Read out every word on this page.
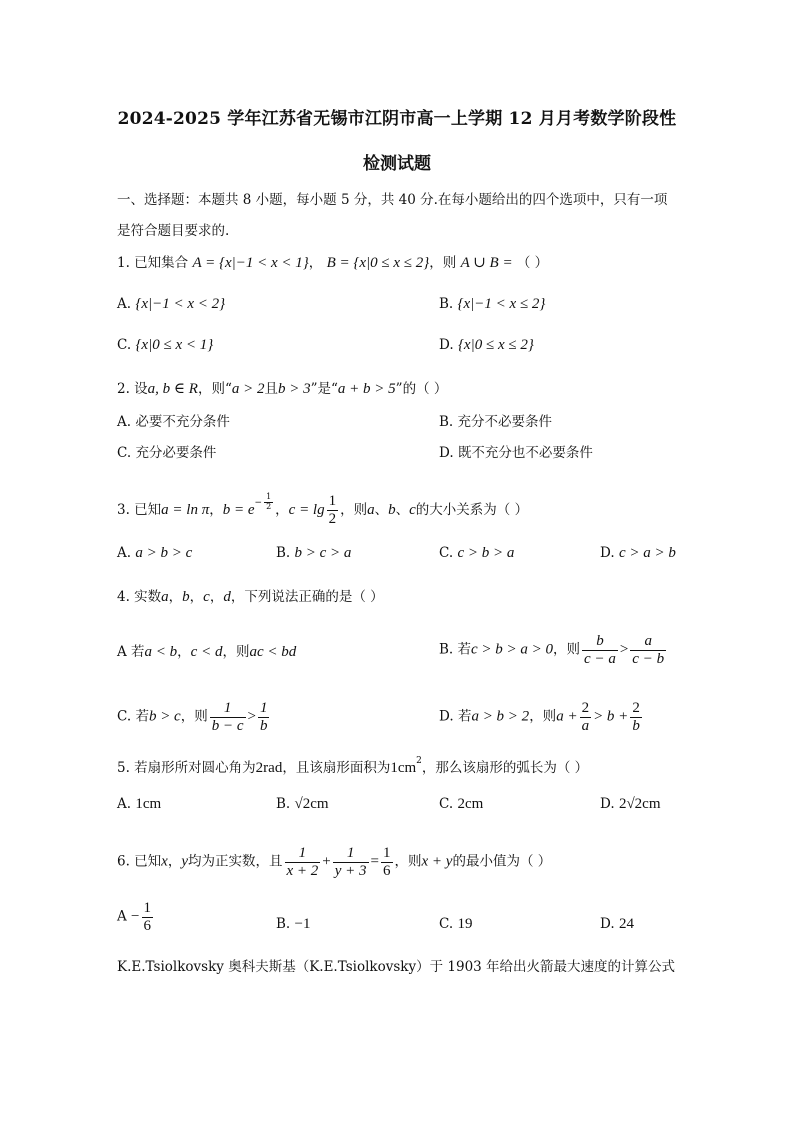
2024-2025 学年江苏省无锡市江阴市高一上学期 12 月月考数学阶段性
检测试题
一、选择题：本题共 8 小题，每小题 5 分，共 40 分.在每小题给出的四个选项中，只有一项
是符合题目要求的.
1. 已知集合 A = {x|−1 < x < 1}， B = {x|0 ≤ x ≤ 2}，则 A ∪ B = （ ）
A. {x|−1 < x < 2}	B. {x|−1 < x ≤ 2}
C. {x|0 ≤ x < 1}	D. {x|0 ≤ x ≤ 2}
2. 设a, b ∈ R，则“a > 2且b > 3”是“a + b > 5”的（ ）
A. 必要不充分条件	B. 充分不必要条件
C. 充分必要条件	D. 既不充分也不必要条件
3. 已知a = ln π，$b = e^{- \frac{1}{2}}$ ，$c = \lg \frac{1}{2}$ ，则a、b、c的大小关系为（ ）
A. a > b > c	B. b > c > a	C. c > b > a	D. c > a > b
4. 实数a，b，c，d，下列说法正确的是（ ）
A 若a < b，c < d，则ac < bd	B. 若c > b > a > 0，则 $\frac{b}{c - a} > \frac{a}{c - b}$
C. 若b > c，则 $\frac{1}{b - c} > \frac{1}{b}$	D. 若a > b > 2，则$a + \frac{2}{a} > b + \frac{2}{b}$
5. 若扇形所对圆心角为2rad，且该扇形面积为$1cm^2$，那么该扇形的弧长为（ ）
A. 1cm	B. √2cm	C. 2cm	D. 2√2cm
6. 已知x，y均为正实数，且 $\frac{1}{x + 2} + \frac{1}{y + 3} = \frac{1}{6}$ ，则x + y的最小值为（ ）
$A - \frac{1}{6}$	B. −1	C. 19	D. 24
K.E.Tsiolkovsky 奥科夫斯基（K.E.Tsiolkovsky）于 1903 年给出火箭最大速度的计算公式
